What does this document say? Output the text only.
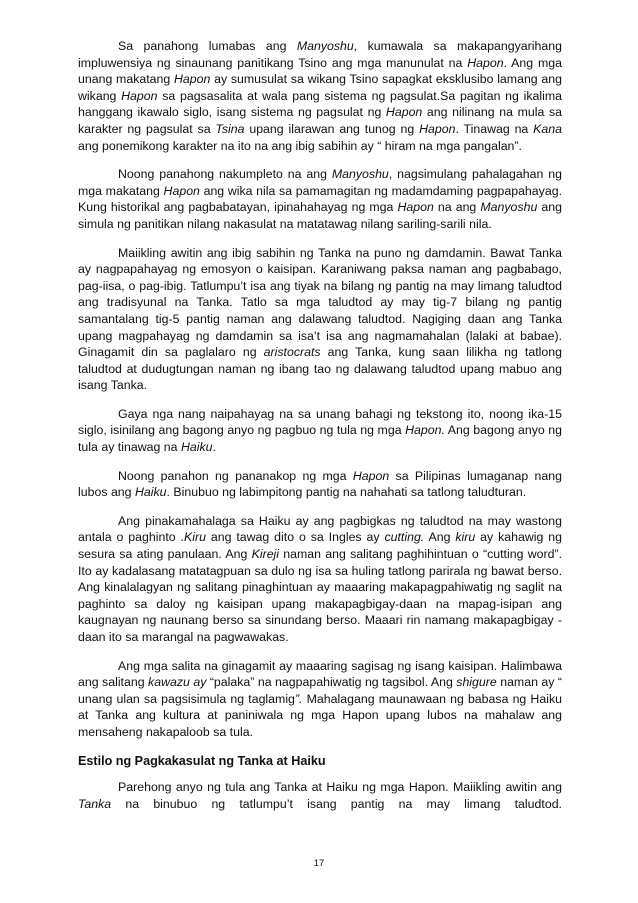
Sa panahong lumabas ang Manyoshu, kumawala sa makapangyarihang impluwensiya ng sinaunang panitikang Tsino ang mga manunulat na Hapon. Ang mga unang makatang Hapon ay sumusulat sa wikang Tsino sapagkat eksklusibo lamang ang wikang Hapon sa pagsasalita at wala pang sistema ng pagsulat.Sa pagitan ng ikalima hanggang ikawalo siglo, isang sistema ng pagsulat ng Hapon ang nilinang na mula sa karakter ng pagsulat sa Tsina upang ilarawan ang tunog ng Hapon. Tinawag na Kana ang ponemikong karakter na ito na ang ibig sabihin ay “ hiram na mga pangalan”.

Noong panahong nakumpleto na ang Manyoshu, nagsimulang pahalagahan ng mga makatang Hapon ang wika nila sa pamamagitan ng madamdaming pagpapahayag. Kung historikal ang pagbabatayan, ipinahahayag ng mga Hapon na ang Manyoshu ang simula ng panitikan nilang nakasulat na matatawag nilang sariling-sarili nila.

Maiikling awitin ang ibig sabihin ng Tanka na puno ng damdamin. Bawat Tanka ay nagpapahayag ng emosyon o kaisipan. Karaniwang paksa naman ang pagbabago, pag-iisa, o pag-ibig. Tatlumpu’t isa ang tiyak na bilang ng pantig na may limang taludtod ang tradisyunal na Tanka. Tatlo sa mga taludtod ay may tig-7 bilang ng pantig samantalang tig-5 pantig naman ang dalawang taludtod. Nagiging daan ang Tanka upang magpahayag ng damdamin sa isa’t isa ang nagmamahalan (lalaki at babae). Ginagamit din sa paglalaro ng aristocrats ang Tanka, kung saan lilikha ng tatlong taludtod at dudugtungan naman ng ibang tao ng dalawang taludtod upang mabuo ang isang Tanka.

Gaya nga nang naipahayag na sa unang bahagi ng tekstong ito, noong ika-15 siglo, isinilang ang bagong anyo ng pagbuo ng tula ng mga Hapon. Ang bagong anyo ng tula ay tinawag na Haiku.

Noong panahon ng pananakop ng mga Hapon sa Pilipinas lumaganap nang lubos ang Haiku. Binubuo ng labimpitong pantig na nahahati sa tatlong taludturan.

Ang pinakamahalaga sa Haiku ay ang pagbigkas ng taludtod na may wastong antala o paghinto .Kiru ang tawag dito o sa Ingles ay cutting. Ang kiru ay kahawig ng sesura sa ating panulaan. Ang Kireji naman ang salitang paghihintuan o “cutting word”. Ito ay kadalasang matatagpuan sa dulo ng isa sa huling tatlong parirala ng bawat berso. Ang kinalalagyan ng salitang pinaghintuan ay maaaring makapagpahiwatig ng saglit na paghinto sa daloy ng kaisipan upang makapagbigay-daan na mapag-isipan ang kaugnayan ng naunang berso sa sinundang berso. Maaari rin namang makapagbigay - daan ito sa marangal na pagwawakas.

Ang mga salita na ginagamit ay maaaring sagisag ng isang kaisipan. Halimbawa ang salitang kawazu ay “palaka” na nagpapahiwatig ng tagsibol. Ang shigure naman ay “ unang ulan sa pagsisimula ng taglamig”. Mahalagang maunawaan ng babasa ng Haiku at Tanka ang kultura at paniniwala ng mga Hapon upang lubos na mahalaw ang mensaheng nakapaloob sa tula.

Estilo ng Pagkakasulat ng Tanka at Haiku

Parehong anyo ng tula ang Tanka at Haiku ng mga Hapon. Maiikling awitin ang Tanka na binubuo ng tatlumpu’t isang pantig na may limang taludtod.

17
